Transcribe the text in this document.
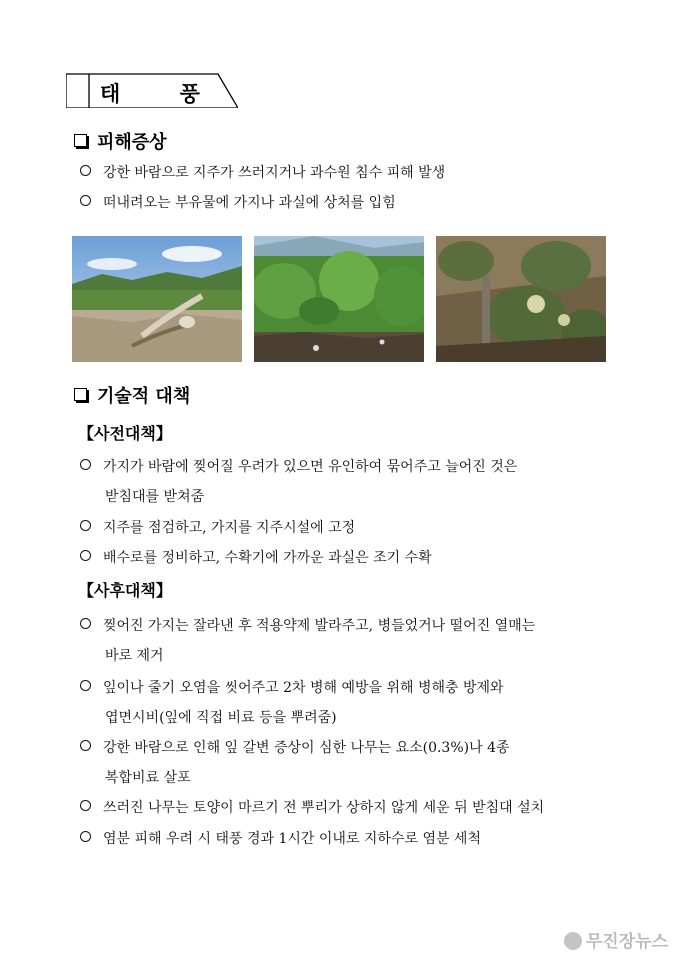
태 풍
피해증상
강한 바람으로 지주가 쓰러지거나 과수원 침수 피해 발생
떠내려오는 부유물에 가지나 과실에 상처를 입힘
기술적 대책
【사전대책】
가지가 바람에 찢어질 우려가 있으면 유인하여 묶어주고 늘어진 것은
받침대를 받쳐줌
지주를 점검하고, 가지를 지주시설에 고정
배수로를 정비하고, 수확기에 가까운 과실은 조기 수확
【사후대책】
찢어진 가지는 잘라낸 후 적용약제 발라주고, 병들었거나 떨어진 열매는
바로 제거
잎이나 줄기 오염을 씻어주고 2차 병해 예방을 위해 병해충 방제와
엽면시비(잎에 직접 비료 등을 뿌려줌)
강한 바람으로 인해 잎 갈변 증상이 심한 나무는 요소(0.3%)나 4종
복합비료 살포
쓰러진 나무는 토양이 마르기 전 뿌리가 상하지 않게 세운 뒤 받침대 설치
염분 피해 우려 시 태풍 경과 1시간 이내로 지하수로 염분 세척
무진장뉴스
